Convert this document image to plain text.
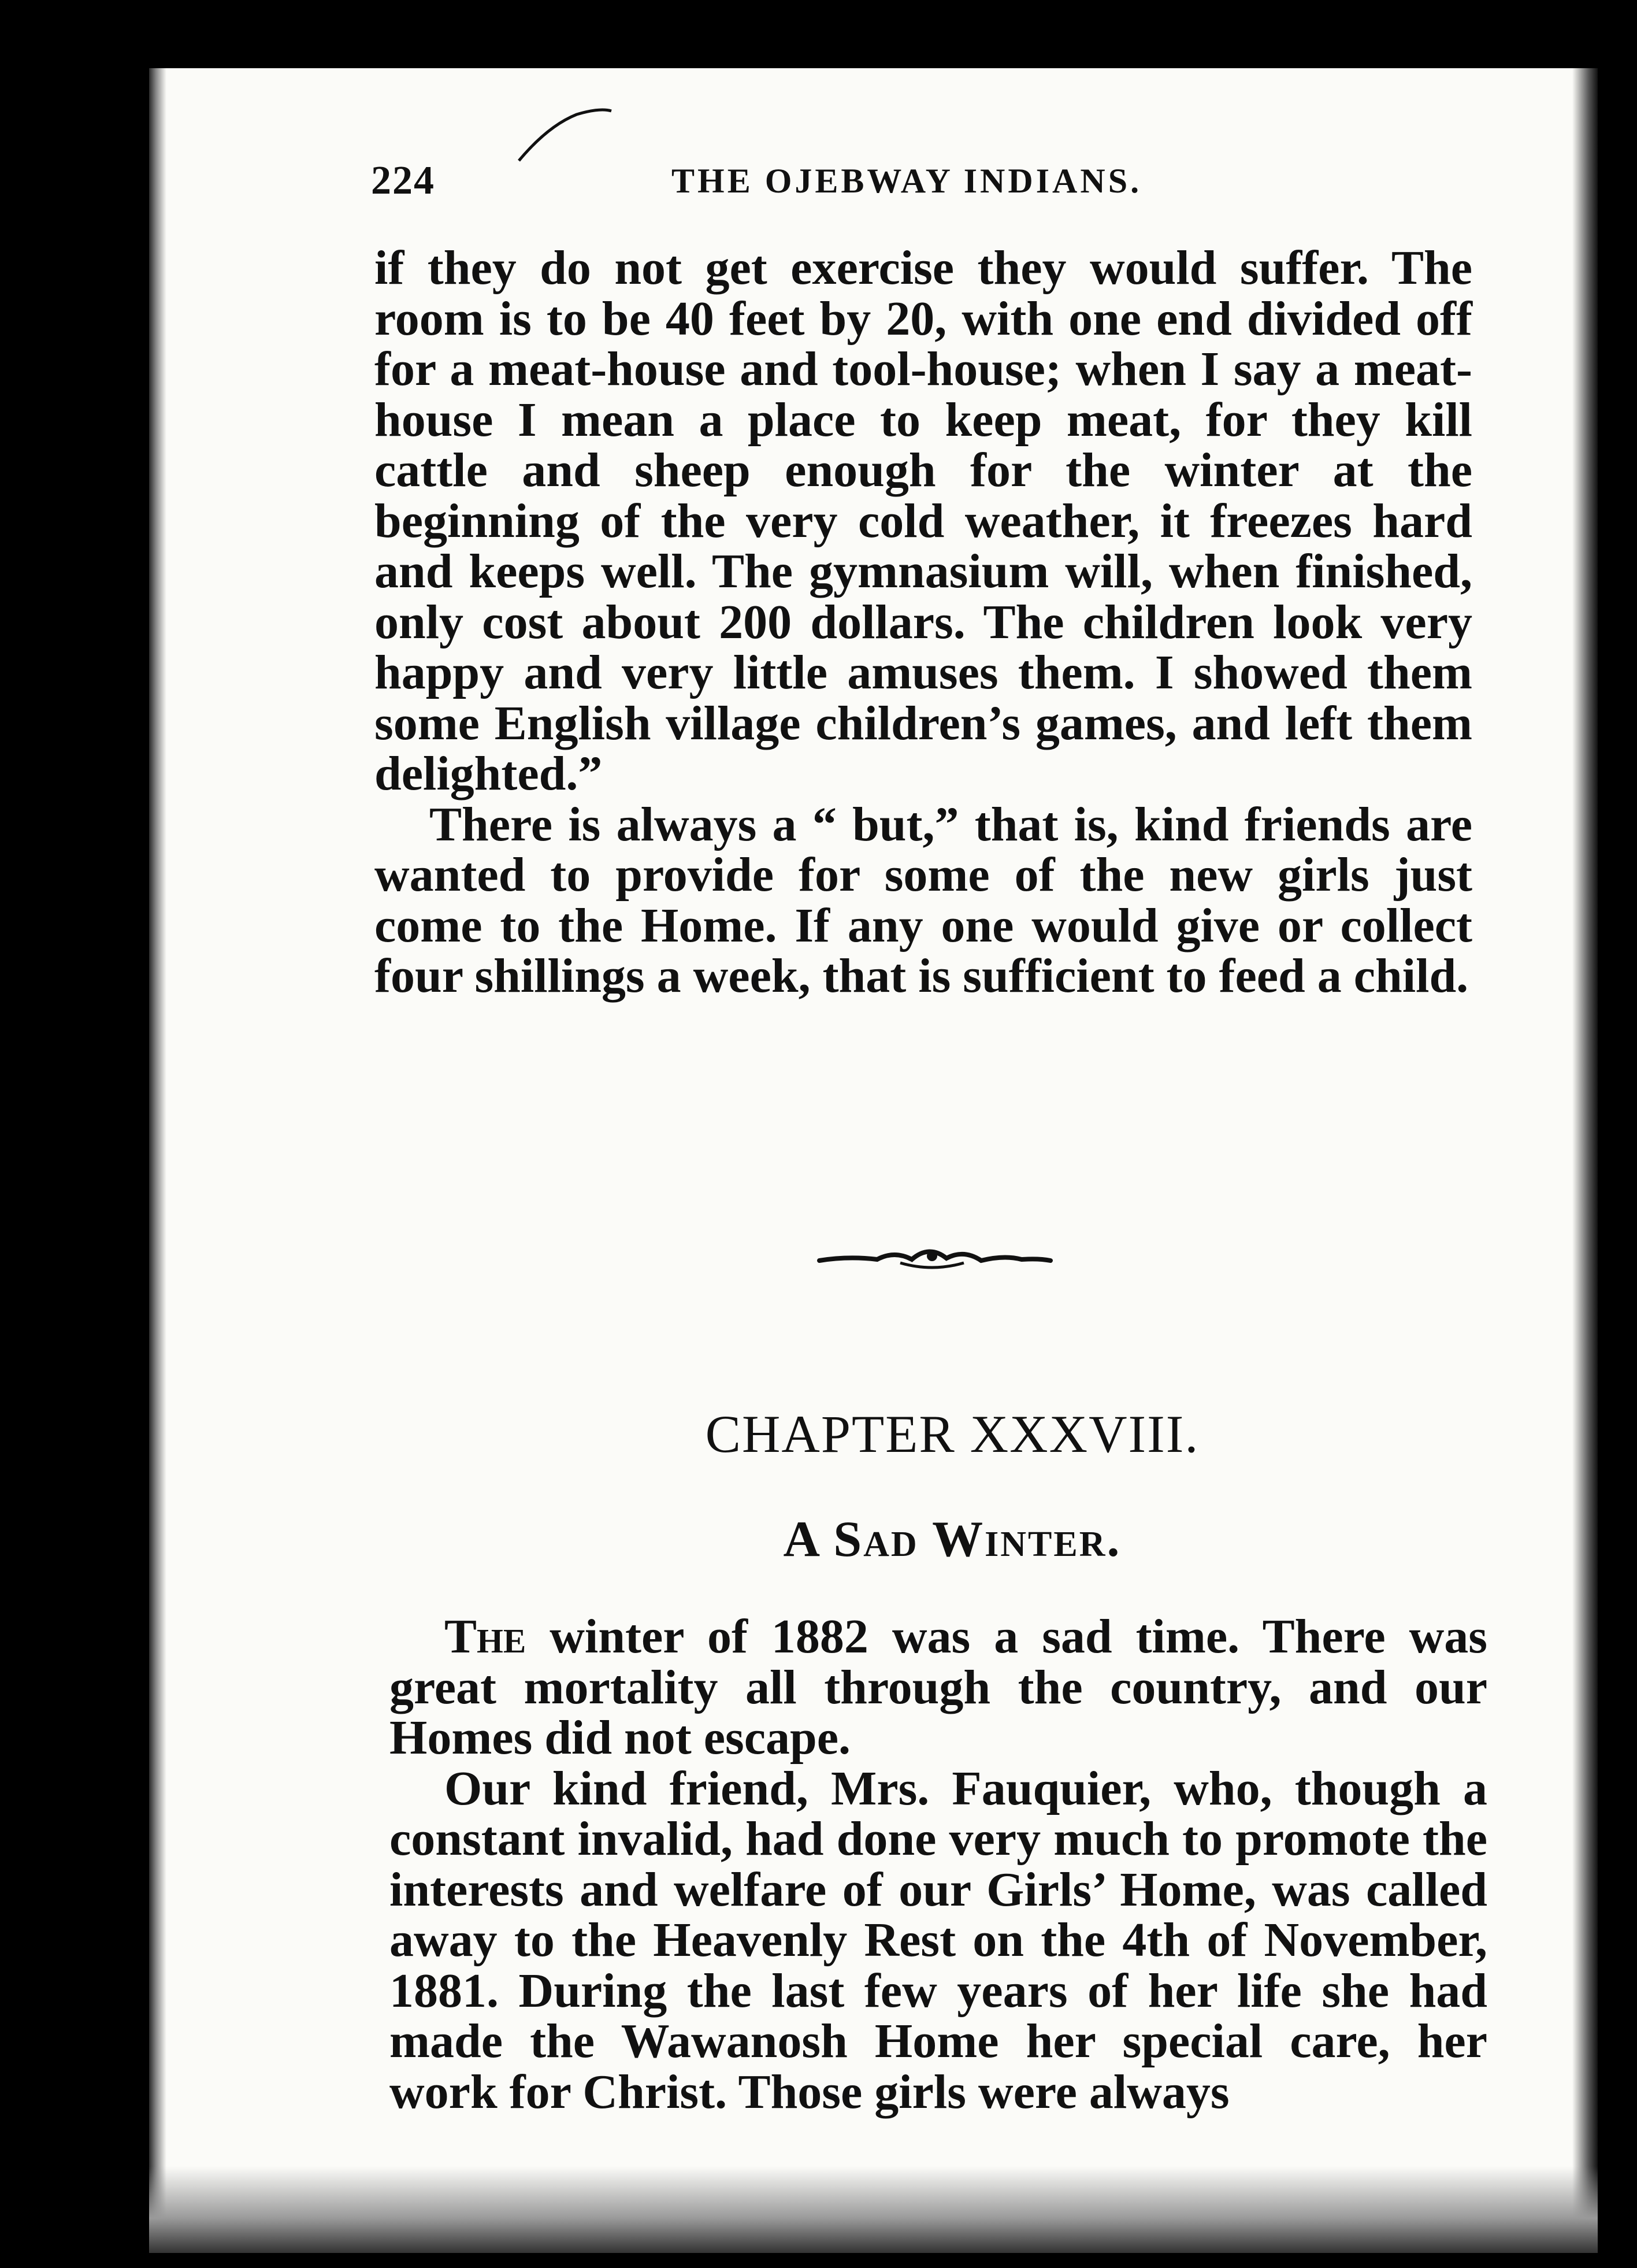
224	THE OJEBWAY INDIANS.

if they do not get exercise they would suffer. The room is to be 40 feet by 20, with one end divided off for a meat-house and tool-house; when I say a meat-house I mean a place to keep meat, for they kill cattle and sheep enough for the winter at the beginning of the very cold weather, it freezes hard and keeps well. The gymnasium will, when finished, only cost about 200 dollars. The children look very happy and very little amuses them. I showed them some English village children’s games, and left them delighted.”

There is always a “ but,” that is, kind friends are wanted to provide for some of the new girls just come to the Home. If any one would give or collect four shillings a week, that is sufficient to feed a child.

CHAPTER XXXVIII.
A Sad Winter.

The winter of 1882 was a sad time. There was great mortality all through the country, and our Homes did not escape.

Our kind friend, Mrs. Fauquier, who, though a constant invalid, had done very much to promote the interests and welfare of our Girls’ Home, was called away to the Heavenly Rest on the 4th of November, 1881. During the last few years of her life she had made the Wawanosh Home her special care, her work for Christ. Those girls were always
